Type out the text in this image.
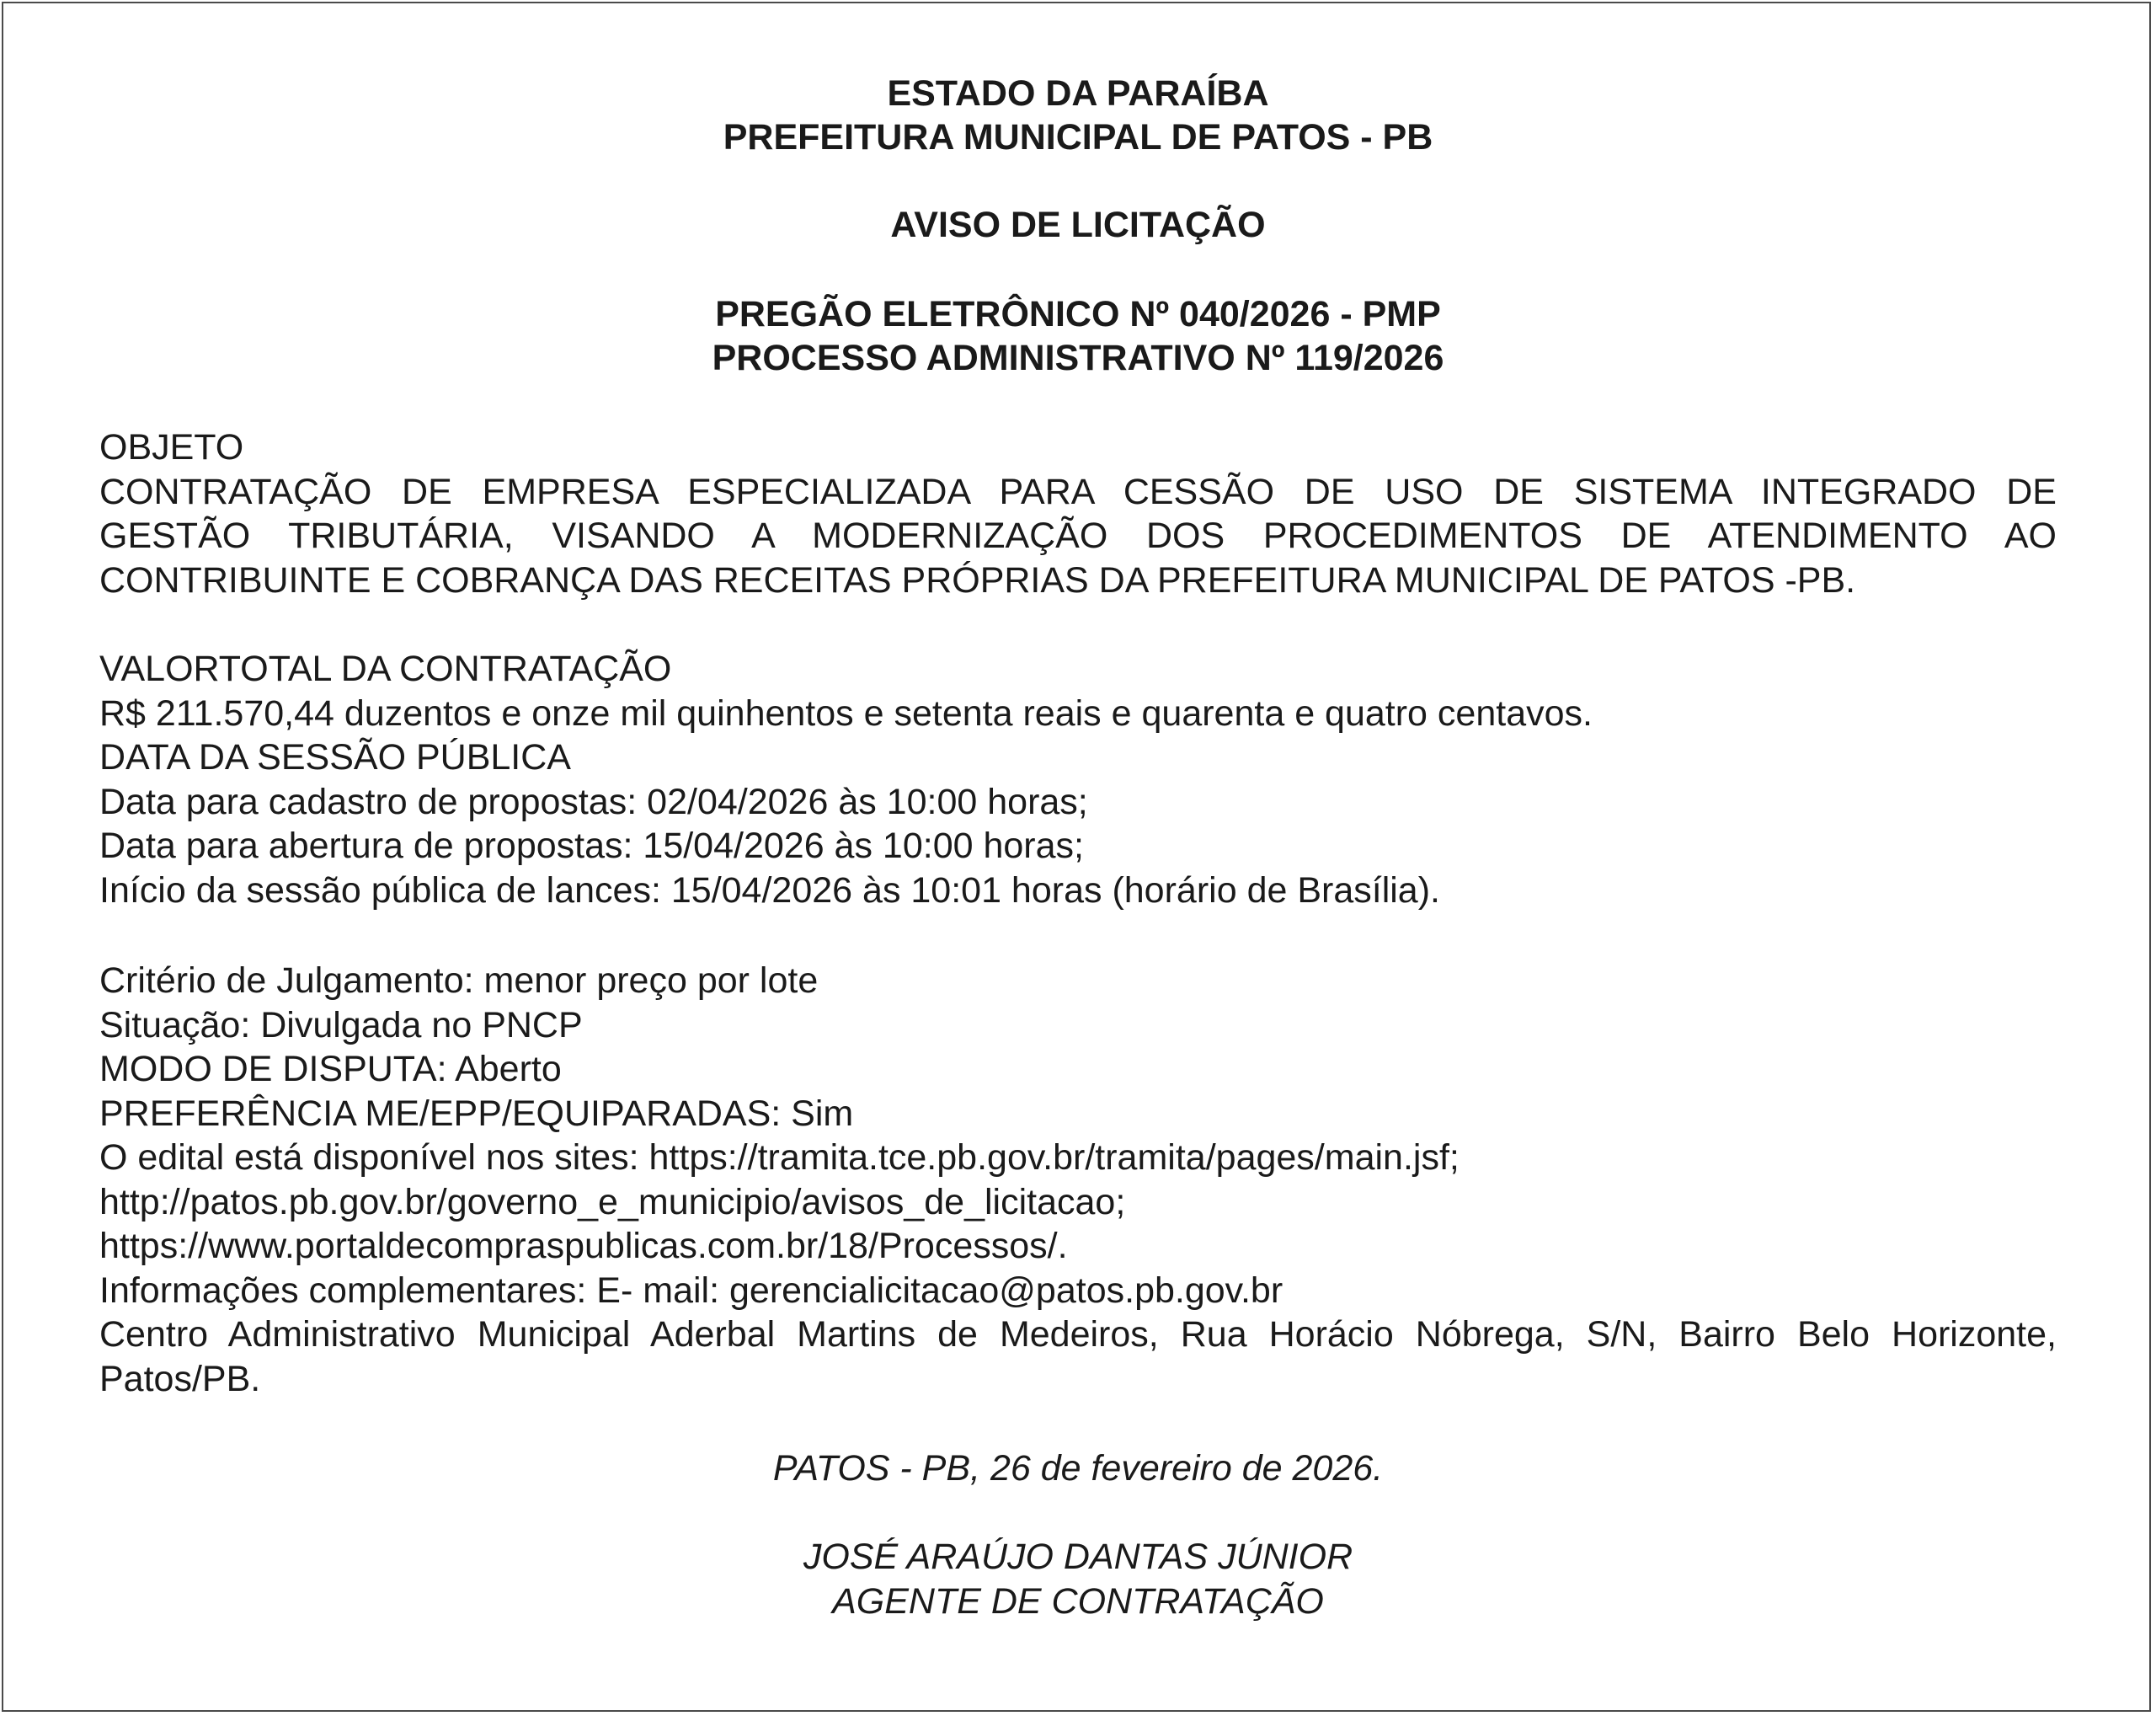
ESTADO DA PARAÍBA
PREFEITURA MUNICIPAL DE PATOS - PB
AVISO DE LICITAÇÃO
PREGÃO ELETRÔNICO Nº 040/2026 - PMP
PROCESSO ADMINISTRATIVO Nº 119/2026
OBJETO
CONTRATAÇÃO DE EMPRESA ESPECIALIZADA PARA CESSÃO DE USO DE SISTEMA INTEGRADO DE
GESTÃO TRIBUTÁRIA, VISANDO A MODERNIZAÇÃO DOS PROCEDIMENTOS DE ATENDIMENTO AO
CONTRIBUINTE E COBRANÇA DAS RECEITAS PRÓPRIAS DA PREFEITURA MUNICIPAL DE PATOS -PB.
VALORTOTAL DA CONTRATAÇÃO
R$ 211.570,44 duzentos e onze mil quinhentos e setenta reais e quarenta e quatro centavos.
DATA DA SESSÃO PÚBLICA
Data para cadastro de propostas: 02/04/2026 às 10:00 horas;
Data para abertura de propostas: 15/04/2026 às 10:00 horas;
Início da sessão pública de lances: 15/04/2026 às 10:01 horas (horário de Brasília).
Critério de Julgamento: menor preço por lote
Situação: Divulgada no PNCP
MODO DE DISPUTA: Aberto
PREFERÊNCIA ME/EPP/EQUIPARADAS: Sim
O edital está disponível nos sites: https://tramita.tce.pb.gov.br/tramita/pages/main.jsf;
http://patos.pb.gov.br/governo_e_municipio/avisos_de_licitacao;
https://www.portaldecompraspublicas.com.br/18/Processos/.
Informações complementares: E- mail: gerencialicitacao@patos.pb.gov.br
Centro Administrativo Municipal Aderbal Martins de Medeiros, Rua Horácio Nóbrega, S/N, Bairro Belo Horizonte,
Patos/PB.
PATOS - PB, 26 de fevereiro de 2026.
JOSÉ ARAÚJO DANTAS JÚNIOR
AGENTE DE CONTRATAÇÃO
